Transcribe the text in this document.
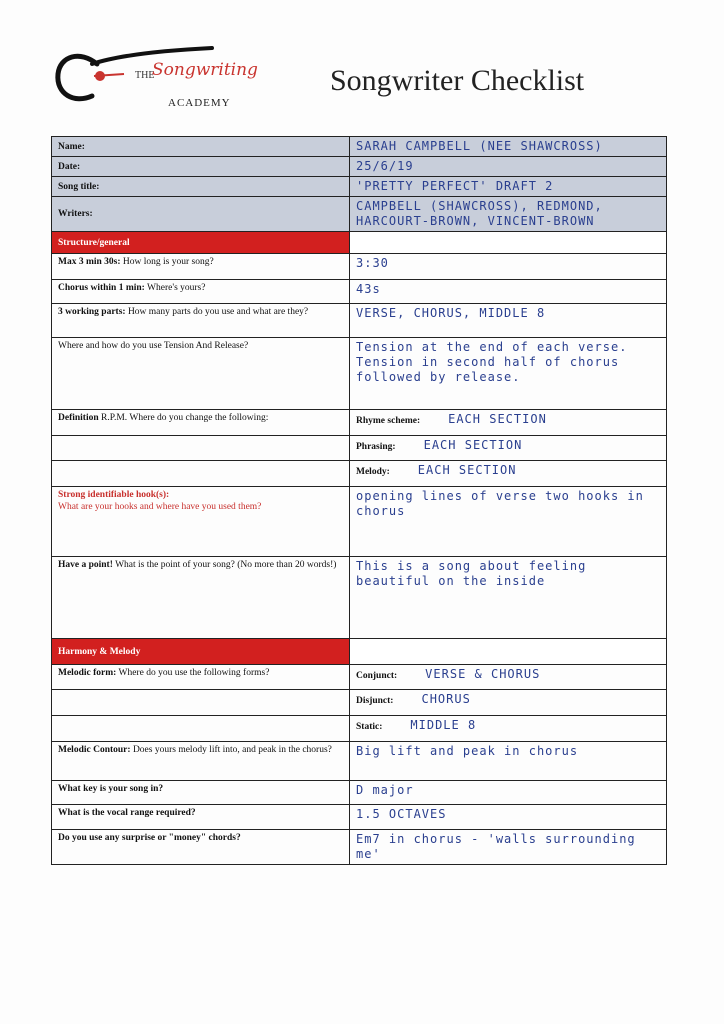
THE
Songwriting
ACADEMY
Songwriter Checklist
Name:	SARAH CAMPBELL (NEE SHAWCROSS)
Date:	25/6/19
Song title:	'PRETTY PERFECT' DRAFT 2
Writers:	CAMPBELL (SHAWCROSS), REDMOND, HARCOURT-BROWN, VINCENT-BROWN
Structure/general	
Max 3 min 30s: How long is your song?	3:30
Chorus within 1 min: Where's yours?	43s
3 working parts: How many parts do you use and what are they?	VERSE, CHORUS, MIDDLE 8
Where and how do you use Tension And Release?	Tension at the end of each verse. Tension in second half of chorus followed by release.
Definition R.P.M. Where do you change the following:	Rhyme scheme: EACH SECTION
	Phrasing: EACH SECTION
	Melody: EACH SECTION
Strong identifiable hook(s):
What are your hooks and where have you used them?	opening lines of verse two hooks in chorus
Have a point! What is the point of your song? (No more than 20 words!)	This is a song about feeling beautiful on the inside
Harmony & Melody	
Melodic form: Where do you use the following forms?	Conjunct: VERSE & CHORUS
	Disjunct: CHORUS
	Static: MIDDLE 8
Melodic Contour: Does yours melody lift into, and peak in the chorus?	Big lift and peak in chorus
What key is your song in?	D major
What is the vocal range required?	1.5 OCTAVES
Do you use any surprise or "money" chords?	Em7 in chorus - 'walls surrounding me'
